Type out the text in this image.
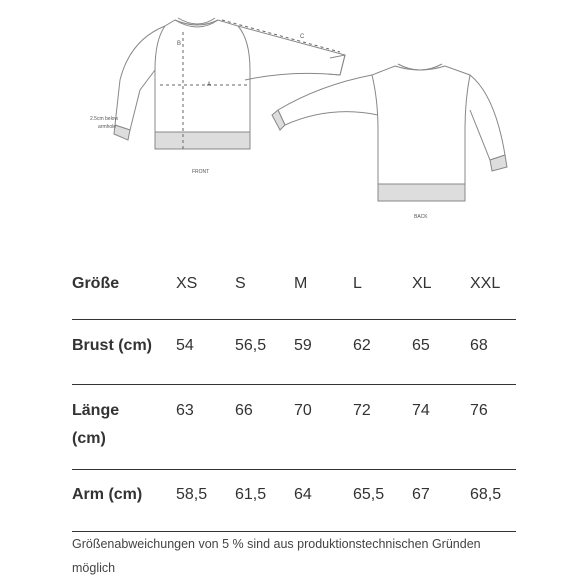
A
B
C
2.5cm below
armhole
FRONT
BACK
Größe	XS	S	M	L	XL	XXL
Brust (cm)	54	56,5	59	62	65	68
Länge
(cm)	63	66	70	72	74	76
Arm (cm)	58,5	61,5	64	65,5	67	68,5
Größenabweichungen von 5 % sind aus produktionstechnischen Gründen möglich
